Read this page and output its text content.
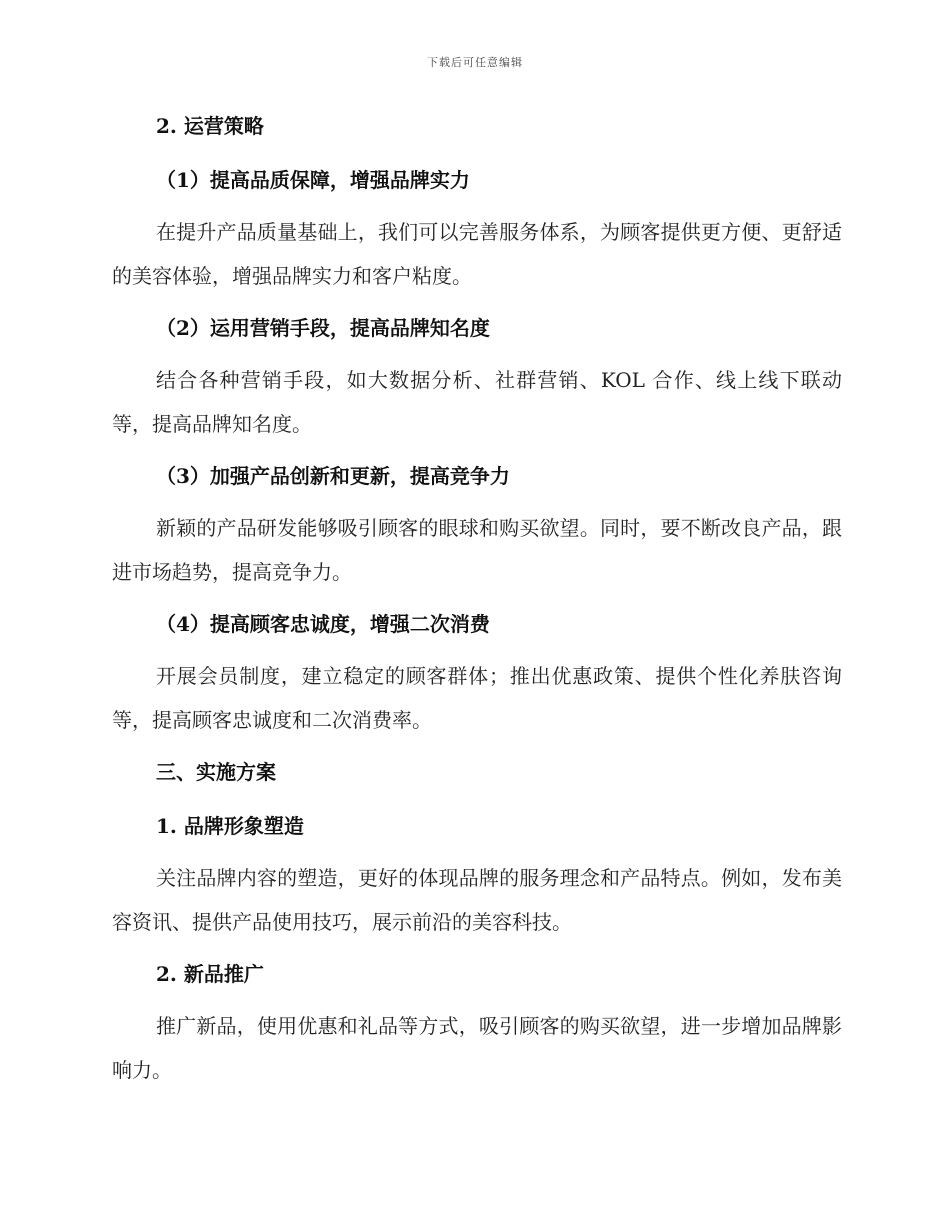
下载后可任意编辑

2. 运营策略

（1）提高品质保障，增强品牌实力

在提升产品质量基础上，我们可以完善服务体系，为顾客提供更方便、更舒适的美容体验，增强品牌实力和客户粘度。

（2）运用营销手段，提高品牌知名度

结合各种营销手段，如大数据分析、社群营销、KOL 合作、线上线下联动等，提高品牌知名度。

（3）加强产品创新和更新，提高竞争力

新颖的产品研发能够吸引顾客的眼球和购买欲望。同时，要不断改良产品，跟进市场趋势，提高竞争力。

（4）提高顾客忠诚度，增强二次消费

开展会员制度，建立稳定的顾客群体；推出优惠政策、提供个性化养肤咨询等，提高顾客忠诚度和二次消费率。

三、实施方案

1. 品牌形象塑造

关注品牌内容的塑造，更好的体现品牌的服务理念和产品特点。例如，发布美容资讯、提供产品使用技巧，展示前沿的美容科技。

2. 新品推广

推广新品，使用优惠和礼品等方式，吸引顾客的购买欲望，进一步增加品牌影响力。
